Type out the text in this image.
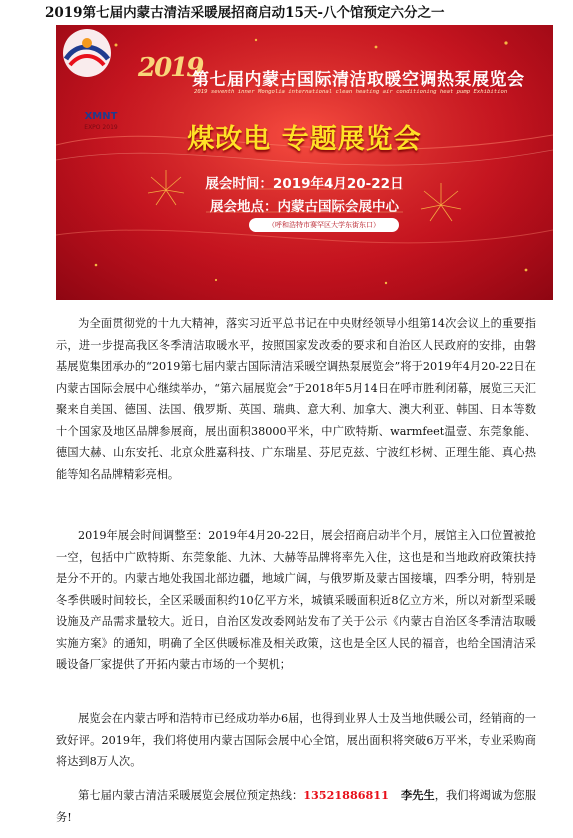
2019第七届内蒙古清洁采暖展招商启动15天-八个馆预定六分之一
XMNT
EXPO 2019
2019
第七届内蒙古国际清洁取暖空调热泵展览会
2019 seventh inner Mongolia international clean heating air conditioning heat pump Exhibition
煤改电 专题展览会
展会时间：2019年4月20-22日
展会地点：内蒙古国际会展中心
（呼和浩特市赛罕区大学东街东口）

为全面贯彻党的十九大精神，落实习近平总书记在中央财经领导小组第14次会议上的重要指示，进一步提高我区冬季清洁取暖水平，按照国家发改委的要求和自治区人民政府的安排，由磐基展览集团承办的“2019第七届内蒙古国际清洁采暖空调热泵展览会”将于2019年4月20-22日在内蒙古国际会展中心继续举办，“第六届展览会”于2018年5月14日在呼市胜利闭幕，展览三天汇聚来自美国、德国、法国、俄罗斯、英国、瑞典、意大利、加拿大、澳大利亚、韩国、日本等数十个国家及地区品牌参展商，展出面积38000平米，中广欧特斯、warmfeet温壹、东莞象能、德国大赫、山东安托、北京众胜嘉科技、广东瑞星、芬尼克兹、宁波红杉树、正理生能、真心热能等知名品牌精彩亮相。

2019年展会时间调整至：2019年4月20-22日，展会招商启动半个月，展馆主入口位置被抢一空，包括中广欧特斯、东莞象能、九沐、大赫等品牌将率先入住，这也是和当地政府政策扶持是分不开的。内蒙古地处我国北部边疆，地域广阔，与俄罗斯及蒙古国接壤，四季分明，特别是冬季供暖时间较长，全区采暖面积约10亿平方米，城镇采暖面积近8亿立方米，所以对新型采暖设施及产品需求量较大。近日，自治区发改委网站发布了关于公示《内蒙古自治区冬季清洁取暖实施方案》的通知，明确了全区供暖标准及相关政策，这也是全区人民的福音，也给全国清洁采暖设备厂家提供了开拓内蒙古市场的一个契机；

展览会在内蒙古呼和浩特市已经成功举办6届，也得到业界人士及当地供暖公司，经销商的一致好评。2019年，我们将使用内蒙古国际会展中心全馆，展出面积将突破6万平米，专业采购商将达到8万人次。

第七届内蒙古清洁采暖展览会展位预定热线：13521886811 李先生，我们将竭诚为您服务!
